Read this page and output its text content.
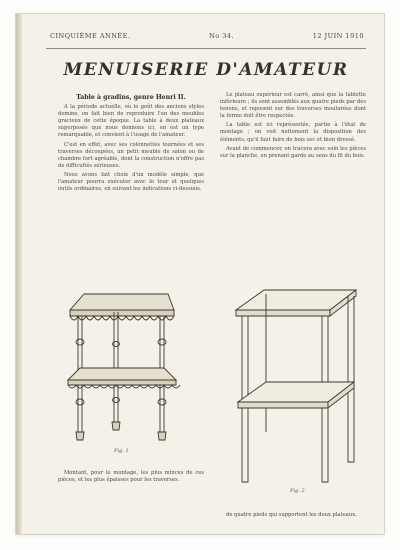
CINQUIÈME ANNÉE.	No 34.	12 JUIN 1910
MENUISERIE D'AMATEUR
Table à gradins, genre Henri II.

A la période actuelle, où le goût des anciens styles domine, on fait bien de reproduire l'un des meubles gracieux de cette époque. La table à deux plateaux superposés que nous donnons ici, en est un type remarquable, et convient à l'usage de l'amateur.

C'est en effet, avec ses colonnettes tournées et ses traverses découpées, un petit meuble de salon ou de chambre fort agréable, dont la construction n'offre pas de difficultés sérieuses.

Nous avons fait choix d'un modèle simple, que l'amateur pourra exécuter avec le tour et quelques outils ordinaires, en suivant les indications ci-dessous.

Le plateau supérieur est carré, ainsi que la tablette inférieure ; ils sont assemblés aux quatre pieds par des tenons, et reposent sur des traverses moulurées dont la forme doit être respectée.

La table est ici représentée, partie à l'état de montage ; on voit nettement la disposition des éléments, qu'il faut faire de bois sec et bien dressé.

Avant de commencer, on tracera avec soin les pièces sur la planche, en prenant garde au sens du fil du bois.

Fig. 1
Fig. 2

Montant, pour le montage, les plus minces de ces pièces, et les plus épaisses pour les traverses.

de quatre pieds qui supportent les deux plateaux.
